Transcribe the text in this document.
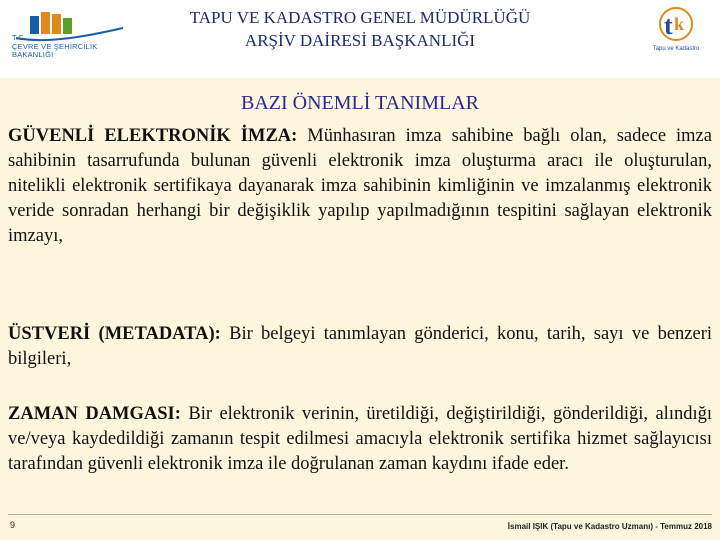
T.C.
ÇEVRE VE ŞEHİRCİLİK
BAKANLIĞI
TAPU VE KADASTRO GENEL MÜDÜRLÜĞÜ
ARŞİV DAİRESİ BAŞKANLIĞI
t k
Tapu ve Kadastro
BAZI ÖNEMLİ TANIMLAR
GÜVENLİ ELEKTRONİK İMZA: Münhasıran imza sahibine bağlı olan, sadece imza sahibinin tasarrufunda bulunan güvenli elektronik imza oluşturma aracı ile oluşturulan, nitelikli elektronik sertifikaya dayanarak imza sahibinin kimliğinin ve imzalanmış elektronik veride sonradan herhangi bir değişiklik yapılıp yapılmadığının tespitini sağlayan elektronik imzayı,
ÜSTVERİ (METADATA): Bir belgeyi tanımlayan gönderici, konu, tarih, sayı ve benzeri bilgileri,
ZAMAN DAMGASI: Bir elektronik verinin, üretildiği, değiştirildiği, gönderildiği, alındığı ve/veya kaydedildiği zamanın tespit edilmesi amacıyla elektronik sertifika hizmet sağlayıcısı tarafından güvenli elektronik imza ile doğrulanan zaman kaydını ifade eder.
9	İsmail IŞIK (Tapu ve Kadastro Uzmanı) - Temmuz 2018
